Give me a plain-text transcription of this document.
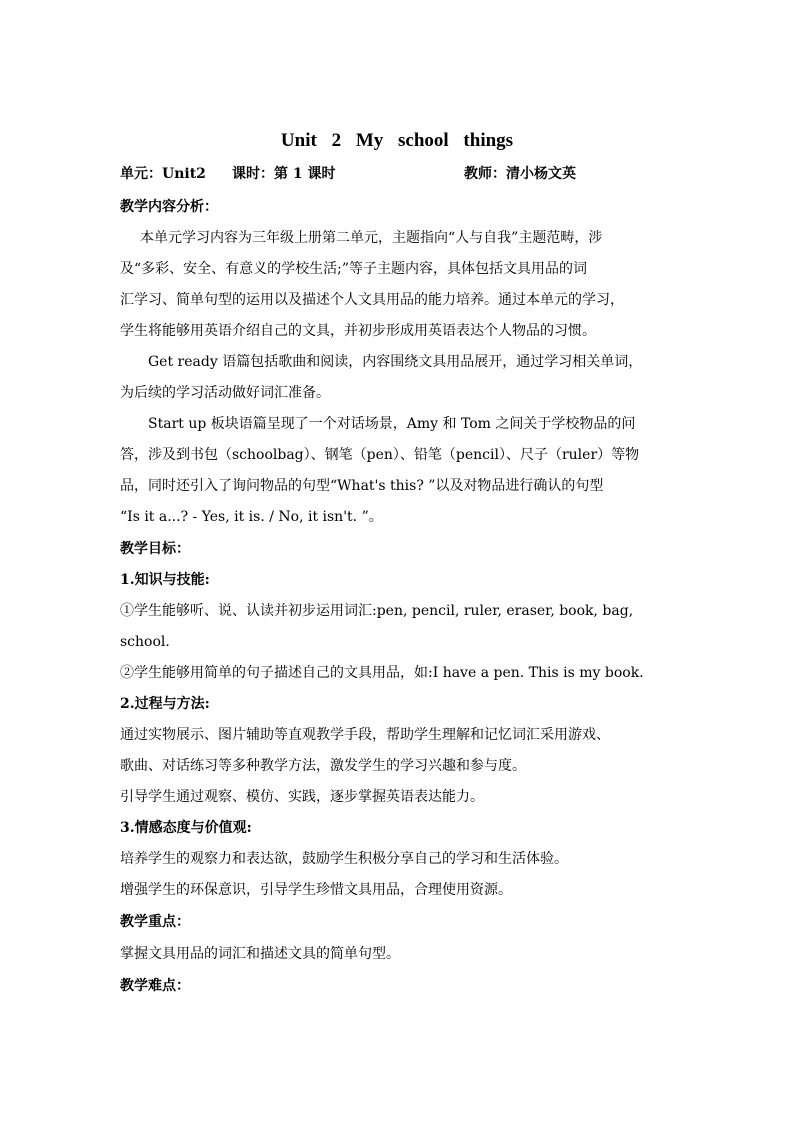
Unit 2 My school things
单元：Unit2 课时：第 1 课时	教师：清小杨文英
教学内容分析：
本单元学习内容为三年级上册第二单元，主题指向“人与自我”主题范畴，涉
及“多彩、安全、有意义的学校生活;”等子主题内容，具体包括文具用品的词
汇学习、简单句型的运用以及描述个人文具用品的能力培养。通过本单元的学习，
学生将能够用英语介绍自己的文具，并初步形成用英语表达个人物品的习惯。
Get ready 语篇包括歌曲和阅读，内容围绕文具用品展开，通过学习相关单词，
为后续的学习活动做好词汇准备。
Start up 板块语篇呈现了一个对话场景，Amy 和 Tom 之间关于学校物品的问
答，涉及到书包（schoolbag）、钢笔（pen）、铅笔（pencil）、尺子（ruler）等物
品，同时还引入了询问物品的句型“What's this? ”以及对物品进行确认的句型
“Is it a...? - Yes, it is. / No, it isn't. ”。
教学目标：
1.知识与技能:
①学生能够听、说、认读并初步运用词汇:pen, pencil, ruler, eraser, book, bag,
school.
②学生能够用简单的句子描述自己的文具用品，如:I have a pen. This is my book.
2.过程与方法:
通过实物展示、图片辅助等直观教学手段，帮助学生理解和记忆词汇采用游戏、
歌曲、对话练习等多种教学方法，激发学生的学习兴趣和参与度。
引导学生通过观察、模仿、实践，逐步掌握英语表达能力。
3.情感态度与价值观:
培养学生的观察力和表达欲，鼓励学生积极分享自己的学习和生活体验。
增强学生的环保意识，引导学生珍惜文具用品，合理使用资源。
教学重点：
掌握文具用品的词汇和描述文具的简单句型。
教学难点：
